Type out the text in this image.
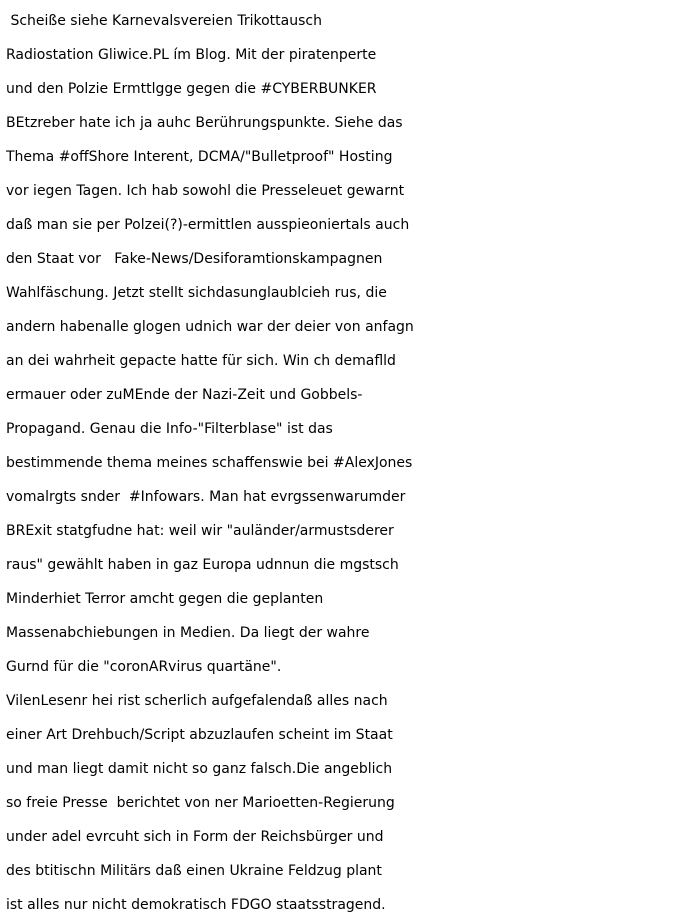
Scheiße siehe Karnevalsvereien Trikottausch
Radiostation Gliwice.PL ím Blog. Mit der piratenperte
und den Polzie Ermttlgge gegen die #CYBERBUNKER
BEtzreber hate ich ja auhc Berührungspunkte. Siehe das
Thema #offShore Interent, DCMA/"Bulletproof" Hosting
vor iegen Tagen. Ich hab sowohl die Presseleuet gewarnt
daß man sie per Polzei(?)-ermittlen ausspieoniertals auch
den Staat vor   Fake-News/Desiforamtionskampagnen
Wahlfäschung. Jetzt stellt sichdasunglaublcieh rus, die
andern habenalle glogen udnich war der deier von anfagn
an dei wahrheit gepacte hatte für sich. Win ch demaflld
ermauer oder zuMEnde der Nazi-Zeit und Gobbels-
Propagand. Genau die Info-"Filterblase" ist das
bestimmende thema meines schaffenswie bei #AlexJones
vomalrgts snder  #Infowars. Man hat evrgssenwarumder
BRExit statgfudne hat: weil wir "auländer/armustsderer
raus" gewählt haben in gaz Europa udnnun die mgstsch
Minderhiet Terror amcht gegen die geplanten
Massenabchiebungen in Medien. Da liegt der wahre
Gurnd für die "coronARvirus quartäne".
VilenLesenr hei rist scherlich aufgefalendaß alles nach
einer Art Drehbuch/Script abzuzlaufen scheint im Staat
und man liegt damit nicht so ganz falsch.Die angeblich
so freie Presse  berichtet von ner Marioetten-Regierung
under adel evrcuht sich in Form der Reichsbürger und
des btitischn Militärs daß einen Ukraine Feldzug plant
ist alles nur nicht demokratisch FDGO staatsstragend.
